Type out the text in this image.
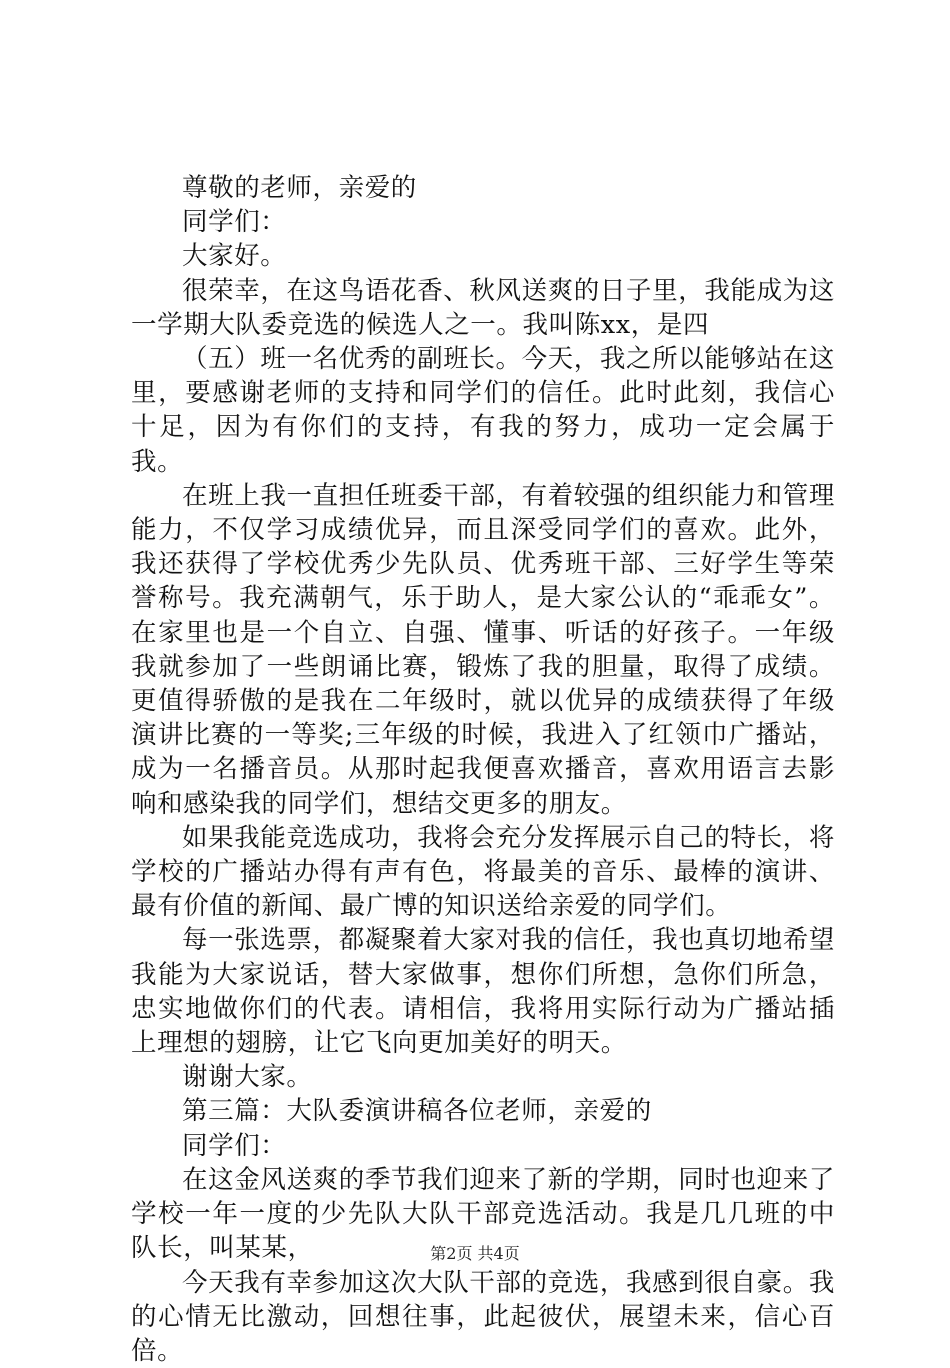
尊敬的老师，亲爱的

同学们：

大家好。

很荣幸，在这鸟语花香、秋风送爽的日子里，我能成为这一学期大队委竞选的候选人之一。我叫陈xx，是四

（五）班一名优秀的副班长。今天，我之所以能够站在这里，要感谢老师的支持和同学们的信任。此时此刻，我信心十足，因为有你们的支持，有我的努力，成功一定会属于我。

在班上我一直担任班委干部，有着较强的组织能力和管理能力，不仅学习成绩优异，而且深受同学们的喜欢。此外，我还获得了学校优秀少先队员、优秀班干部、三好学生等荣誉称号。我充满朝气，乐于助人，是大家公认的“乖乖女”。在家里也是一个自立、自强、懂事、听话的好孩子。一年级我就参加了一些朗诵比赛，锻炼了我的胆量，取得了成绩。更值得骄傲的是我在二年级时，就以优异的成绩获得了年级演讲比赛的一等奖;三年级的时候，我进入了红领巾广播站，成为一名播音员。从那时起我便喜欢播音，喜欢用语言去影响和感染我的同学们，想结交更多的朋友。

如果我能竞选成功，我将会充分发挥展示自己的特长，将学校的广播站办得有声有色，将最美的音乐、最棒的演讲、最有价值的新闻、最广博的知识送给亲爱的同学们。

每一张选票，都凝聚着大家对我的信任，我也真切地希望我能为大家说话，替大家做事，想你们所想，急你们所急，忠实地做你们的代表。请相信，我将用实际行动为广播站插上理想的翅膀，让它飞向更加美好的明天。

谢谢大家。

第三篇：大队委演讲稿各位老师，亲爱的

同学们：

在这金风送爽的季节我们迎来了新的学期，同时也迎来了学校一年一度的少先队大队干部竞选活动。我是几几班的中队长，叫某某，

今天我有幸参加这次大队干部的竞选，我感到很自豪。我的心情无比激动，回想往事，此起彼伏，展望未来，信心百倍。

第2页 共4页
